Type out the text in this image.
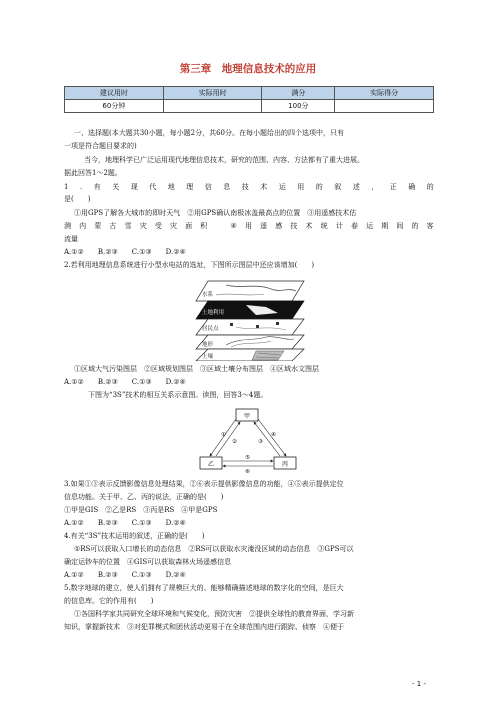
第三章　地理信息技术的应用
建议用时	实际用时	满分	实际得分
60分钟		100分	
一、选择题(本大题共30小题，每小题2分，共60分。在每小题给出的四个选项中，只有
一项是符合题目要求的)
当今，地理科学已广泛运用现代地理信息技术，研究的范围、内容、方法都有了重大进展。
据此回答1～2题。
1 . 有 关 现 代 地 理 信 息 技 术 运 用 的 叙 述 ， 正 确 的
是(　　)
①用GPS了解各大城市的即时天气　②用GPS确认南极冰盖最高点的位置　③用遥感技术估
测 内 蒙 古 雪 灾 受 灾 面 积
　	④ 用 遥 感 技 术 统 计 春 运 期 间 的 客
流量
A.①②　　B.②③　　C.①③　　D.②④
2.若利用地理信息系统进行小型水电站的选址，下图所示图层中还应该增加(　　)
水系
土地利用
居民点
地形
土壤
①区域大气污染图层　②区域规划图层　③区域土壤分布图层　④区域水文图层
A.①②　　B.②③　　C.①③　　D.②④
下图为“3S”技术的相互关系示意图。读图，回答3～4题。
甲
乙	丙
①
②	③
④
⑤
⑥
3.如果①③表示反馈影像信息处理结果，②⑥表示提供影像信息的功能，④⑤表示提供定位
信息功能。关于甲、乙、丙的说法，正确的是(　　)
①甲是GIS　②乙是RS　③丙是RS　④甲是GPS
A.①②　　B.②③　　C.①③　　D.②④
4.有关“3S”技术运用的叙述，正确的是(　　)
①RS可以获取入口增长的动态信息　②RS可以获取水灾淹没区域的动态信息　③GPS可以
确定运钞车的位置　④GIS可以获取森林火场遥感信息
A.①②　　B.②③　　C.①③　　D.②④
5.数字地球的建立，使人们拥有了规模巨大的、能够精确描述地球的数字化的空间，是巨大
的信息库。它的作用有(　　)
①各国科学家共同研究全球环境和气候变化，预防灾害　②提供全球性的教育界面，学习新
知识，掌握新技术　③对犯罪模式和团伙活动更易于在全球范围内进行跟踪、侦察　④便于
- 1 -
